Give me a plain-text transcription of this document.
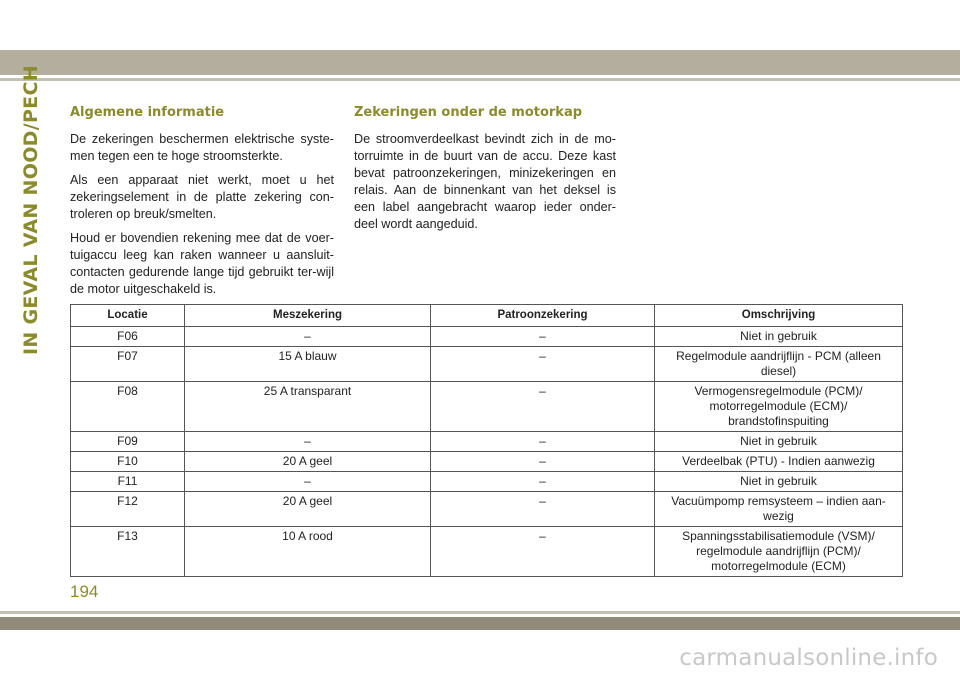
IN GEVAL VAN NOOD/PECH Algemene informatie

De zekeringen beschermen elektrische syste-men tegen een te hoge stroomsterkte.

Als een apparaat niet werkt, moet u het zekeringselement in de platte zekering con-troleren op breuk/smelten.

Houd er bovendien rekening mee dat de voer-tuigaccu leeg kan raken wanneer u aansluit-contacten gedurende lange tijd gebruikt ter-wijl de motor uitgeschakeld is.

Zekeringen onder de motorkap

De stroomverdeelkast bevindt zich in de mo-torruimte in de buurt van de accu. Deze kast bevat patroonzekeringen, minizekeringen en relais. Aan de binnenkant van het deksel is een label aangebracht waarop ieder onder-deel wordt aangeduid.

Locatie	Meszekering	Patroonzekering	Omschrijving
F06	–	–	Niet in gebruik
F07	15 A blauw	–	Regelmodule aandrijflijn - PCM (alleen diesel)
F08	25 A transparant	–	Vermogensregelmodule (PCM)/ motorregelmodule (ECM)/ brandstofinspuiting
F09	–	–	Niet in gebruik
F10	20 A geel	–	Verdeelbak (PTU) - Indien aanwezig
F11	–	–	Niet in gebruik
F12	20 A geel	–	Vacuümpomp remsysteem – indien aan-wezig
F13	10 A rood	–	Spanningsstabilisatiemodule (VSM)/ regelmodule aandrijflijn (PCM)/ motorregelmodule (ECM)
194
carmanualsonline.info
